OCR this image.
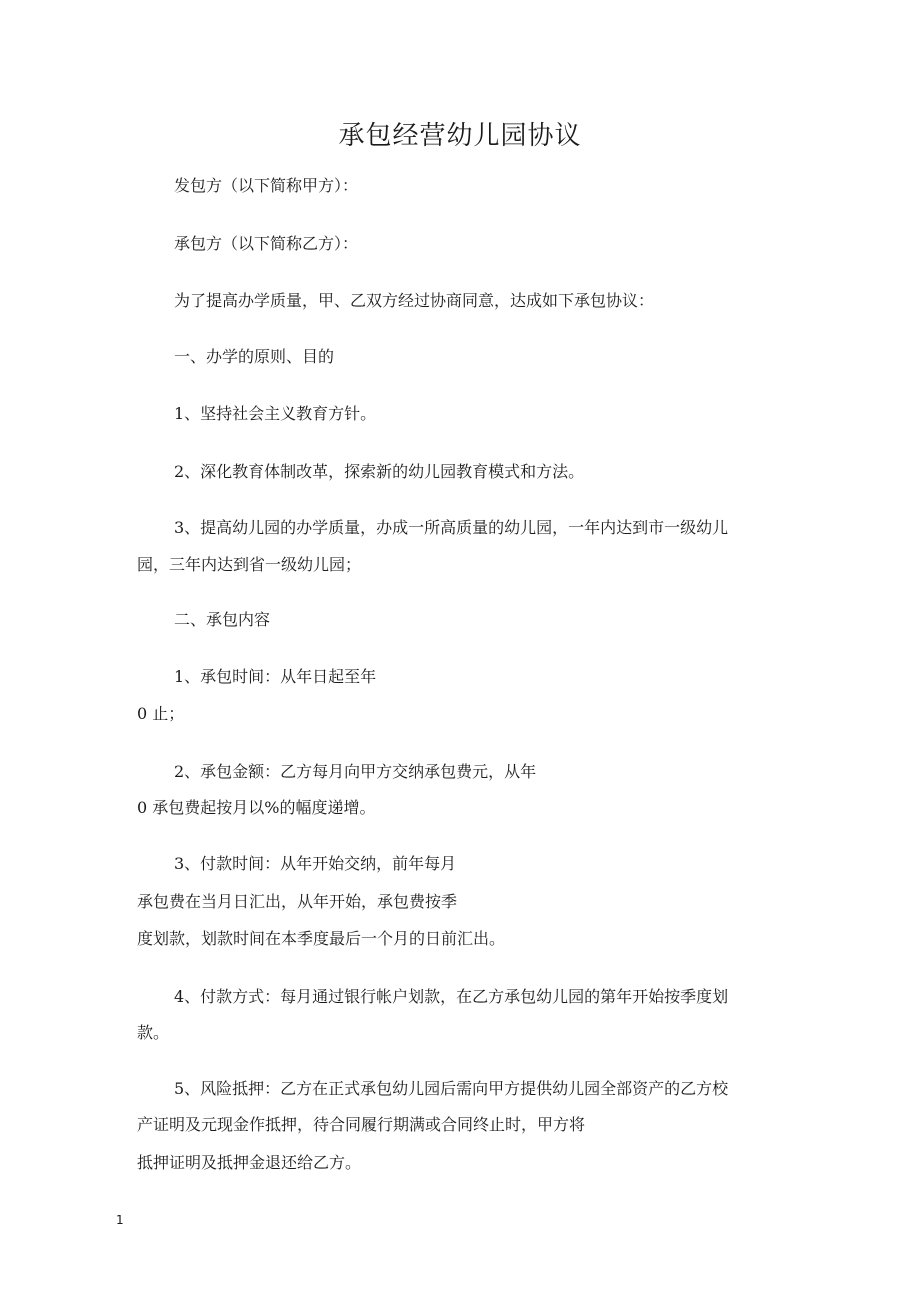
承包经营幼儿园协议
发包方（以下简称甲方）：
承包方（以下简称乙方）：
为了提高办学质量，甲、乙双方经过协商同意，达成如下承包协议：
一、办学的原则、目的
1、坚持社会主义教育方针。
2、深化教育体制改革，探索新的幼儿园教育模式和方法。
3、提高幼儿园的办学质量，办成一所高质量的幼儿园，一年内达到市一级幼儿
园，三年内达到省一级幼儿园；
二、承包内容
1、承包时间：从年日起至年
0 止；
2、承包金额：乙方每月向甲方交纳承包费元，从年
0 承包费起按月以%的幅度递增。
3、付款时间：从年开始交纳，前年每月
承包费在当月日汇出，从年开始，承包费按季
度划款，划款时间在本季度最后一个月的日前汇出。
4、付款方式：每月通过银行帐户划款，在乙方承包幼儿园的第年开始按季度划
款。
5、风险抵押：乙方在正式承包幼儿园后需向甲方提供幼儿园全部资产的乙方校
产证明及元现金作抵押，待合同履行期满或合同终止时，甲方将
抵押证明及抵押金退还给乙方。
1
